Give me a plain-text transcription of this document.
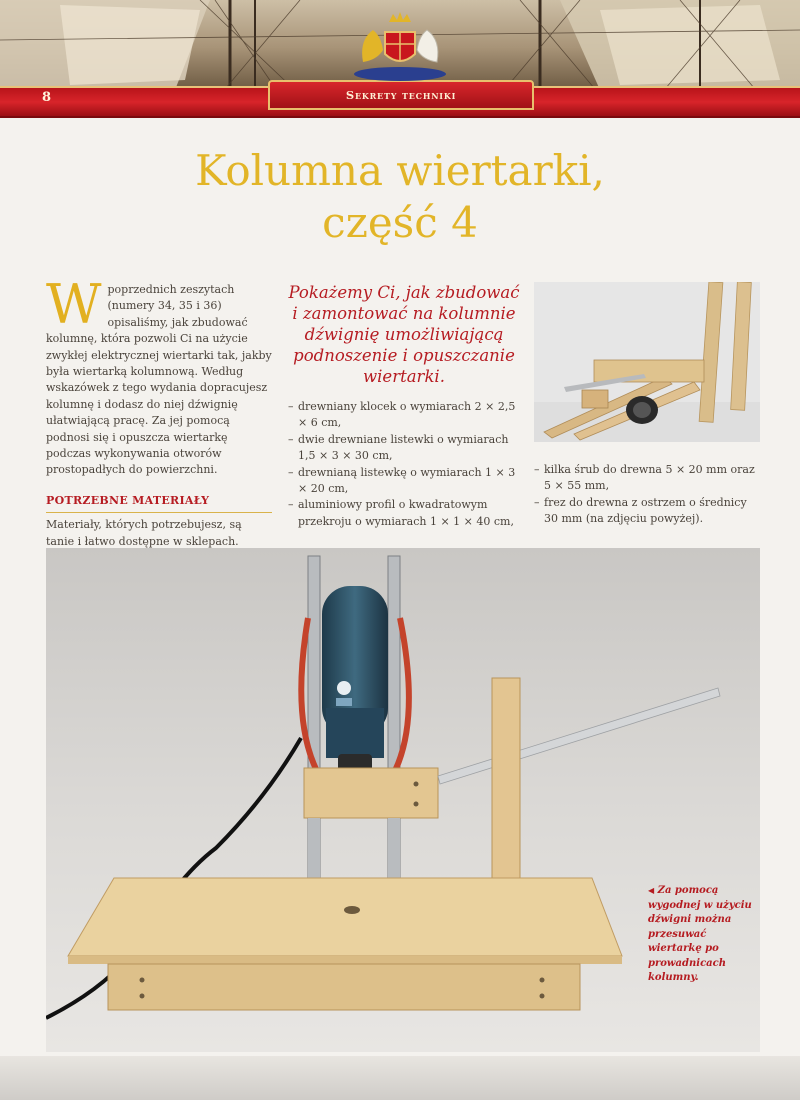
8	Sekrety techniki
Kolumna wiertarki,
część 4
W poprzednich zeszytach (numery 34, 35 i 36) opisaliśmy, jak zbudować kolumnę, która pozwoli Ci na użycie zwykłej elektrycznej wiertarki tak, jakby była wiertarką kolumnową. Według wskazówek z tego wydania dopracujesz kolumnę i dodasz do niej dźwignię ułatwiającą pracę. Za jej pomocą podnosi się i opuszcza wiertarkę podczas wykonywania otworów prostopadłych do powierzchni.

POTRZEBNE MATERIAŁY

Materiały, których potrzebujesz, są tanie i łatwo dostępne w sklepach.

Pokażemy Ci, jak zbudować i zamontować na kolumnie dźwignię umożliwiającą podnoszenie i opuszczanie wiertarki.

– drewniany klocek o wymiarach 2 × 2,5 × 6 cm,
– dwie drewniane listewki o wymiarach 1,5 × 3 × 30 cm,
– drewnianą listewkę o wymiarach 1 × 3 × 20 cm,
– aluminiowy profil o kwadratowym przekroju o wymiarach 1 × 1 × 40 cm,
– kilka śrub do drewna 5 × 20 mm oraz 5 × 55 mm,
– frez do drewna z ostrzem o średnicy 30 mm (na zdjęciu powyżej).
◀ Za pomocą wygodnej w użyciu dźwigni można przesuwać wiertarkę po prowadnicach kolumny.
